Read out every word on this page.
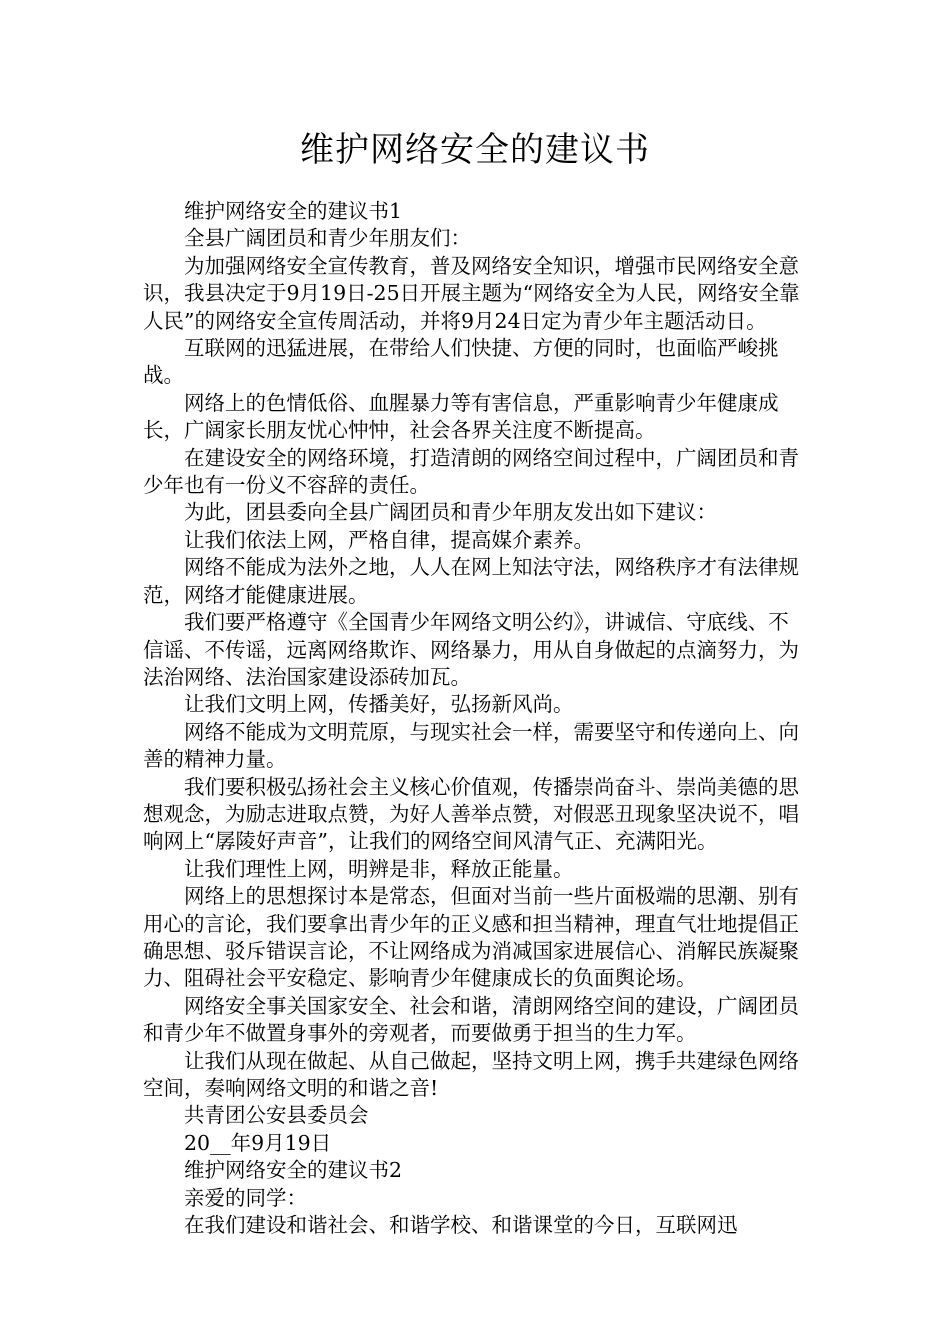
维护网络安全的建议书

维护网络安全的建议书1

全县广阔团员和青少年朋友们：

为加强网络安全宣传教育，普及网络安全知识，增强市民网络安全意识，我县决定于9月19日-25日开展主题为“网络安全为人民，网络安全靠人民”的网络安全宣传周活动，并将9月24日定为青少年主题活动日。

互联网的迅猛进展，在带给人们快捷、方便的同时，也面临严峻挑战。

网络上的色情低俗、血腥暴力等有害信息，严重影响青少年健康成长，广阔家长朋友忧心忡忡，社会各界关注度不断提高。

在建设安全的网络环境，打造清朗的网络空间过程中，广阔团员和青少年也有一份义不容辞的责任。

为此，团县委向全县广阔团员和青少年朋友发出如下建议：

让我们依法上网，严格自律，提高媒介素养。

网络不能成为法外之地，人人在网上知法守法，网络秩序才有法律规范，网络才能健康进展。

我们要严格遵守《全国青少年网络文明公约》，讲诚信、守底线、不信谣、不传谣，远离网络欺诈、网络暴力，用从自身做起的点滴努力，为法治网络、法治国家建设添砖加瓦。

让我们文明上网，传播美好，弘扬新风尚。

网络不能成为文明荒原，与现实社会一样，需要坚守和传递向上、向善的精神力量。

我们要积极弘扬社会主义核心价值观，传播崇尚奋斗、崇尚美德的思想观念，为励志进取点赞，为好人善举点赞，对假恶丑现象坚决说不，唱响网上“孱陵好声音”，让我们的网络空间风清气正、充满阳光。

让我们理性上网，明辨是非，释放正能量。

网络上的思想探讨本是常态，但面对当前一些片面极端的思潮、别有用心的言论，我们要拿出青少年的正义感和担当精神，理直气壮地提倡正确思想、驳斥错误言论，不让网络成为消减国家进展信心、消解民族凝聚力、阻碍社会平安稳定、影响青少年健康成长的负面舆论场。

网络安全事关国家安全、社会和谐，清朗网络空间的建设，广阔团员和青少年不做置身事外的旁观者，而要做勇于担当的生力军。

让我们从现在做起、从自己做起，坚持文明上网，携手共建绿色网络空间，奏响网络文明的和谐之音!

共青团公安县委员会

20__年9月19日

维护网络安全的建议书2

亲爱的同学：

在我们建设和谐社会、和谐学校、和谐课堂的今日，互联网迅
